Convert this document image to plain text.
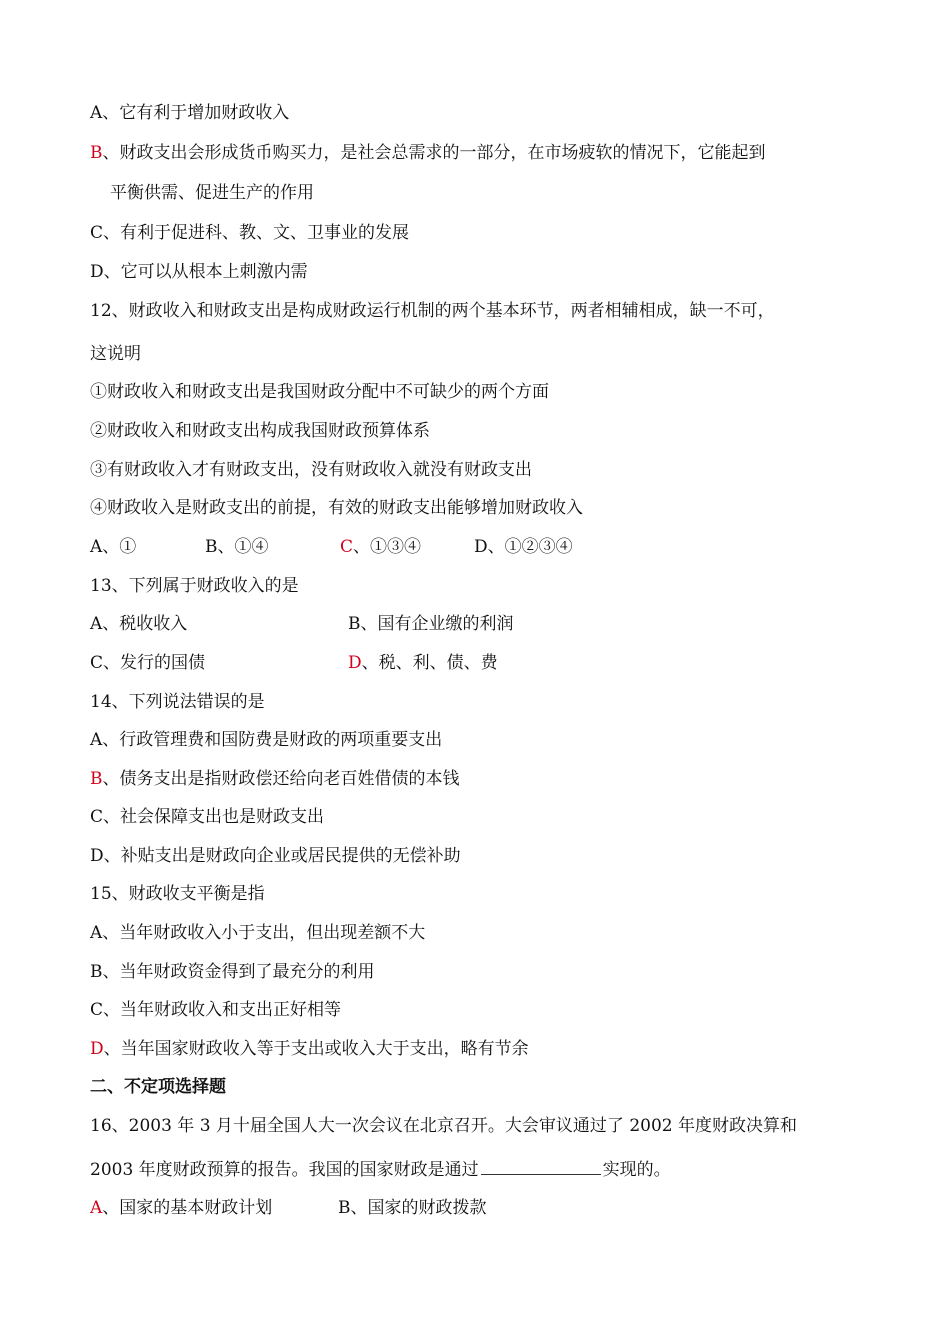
A、它有利于增加财政收入
B、财政支出会形成货币购买力，是社会总需求的一部分，在市场疲软的情况下，它能起到
平衡供需、促进生产的作用
C、有利于促进科、教、文、卫事业的发展
D、它可以从根本上刺激内需
12、财政收入和财政支出是构成财政运行机制的两个基本环节，两者相辅相成，缺一不可，
这说明
①财政收入和财政支出是我国财政分配中不可缺少的两个方面
②财政收入和财政支出构成我国财政预算体系
③有财政收入才有财政支出，没有财政收入就没有财政支出
④财政收入是财政支出的前提，有效的财政支出能够增加财政收入
A、①	B、①④	C、①③④	D、①②③④
13、下列属于财政收入的是
A、税收收入	B、国有企业缴的利润
C、发行的国债	D、税、利、债、费
14、下列说法错误的是
A、行政管理费和国防费是财政的两项重要支出
B、债务支出是指财政偿还给向老百姓借债的本钱
C、社会保障支出也是财政支出
D、补贴支出是财政向企业或居民提供的无偿补助
15、财政收支平衡是指
A、当年财政收入小于支出，但出现差额不大
B、当年财政资金得到了最充分的利用
C、当年财政收入和支出正好相等
D、当年国家财政收入等于支出或收入大于支出，略有节余
二、不定项选择题
16、2003 年 3 月十届全国人大一次会议在北京召开。大会审议通过了 2002 年度财政决算和
2003 年度财政预算的报告。我国的国家财政是通过	实现的。
A、国家的基本财政计划	B、国家的财政拨款
